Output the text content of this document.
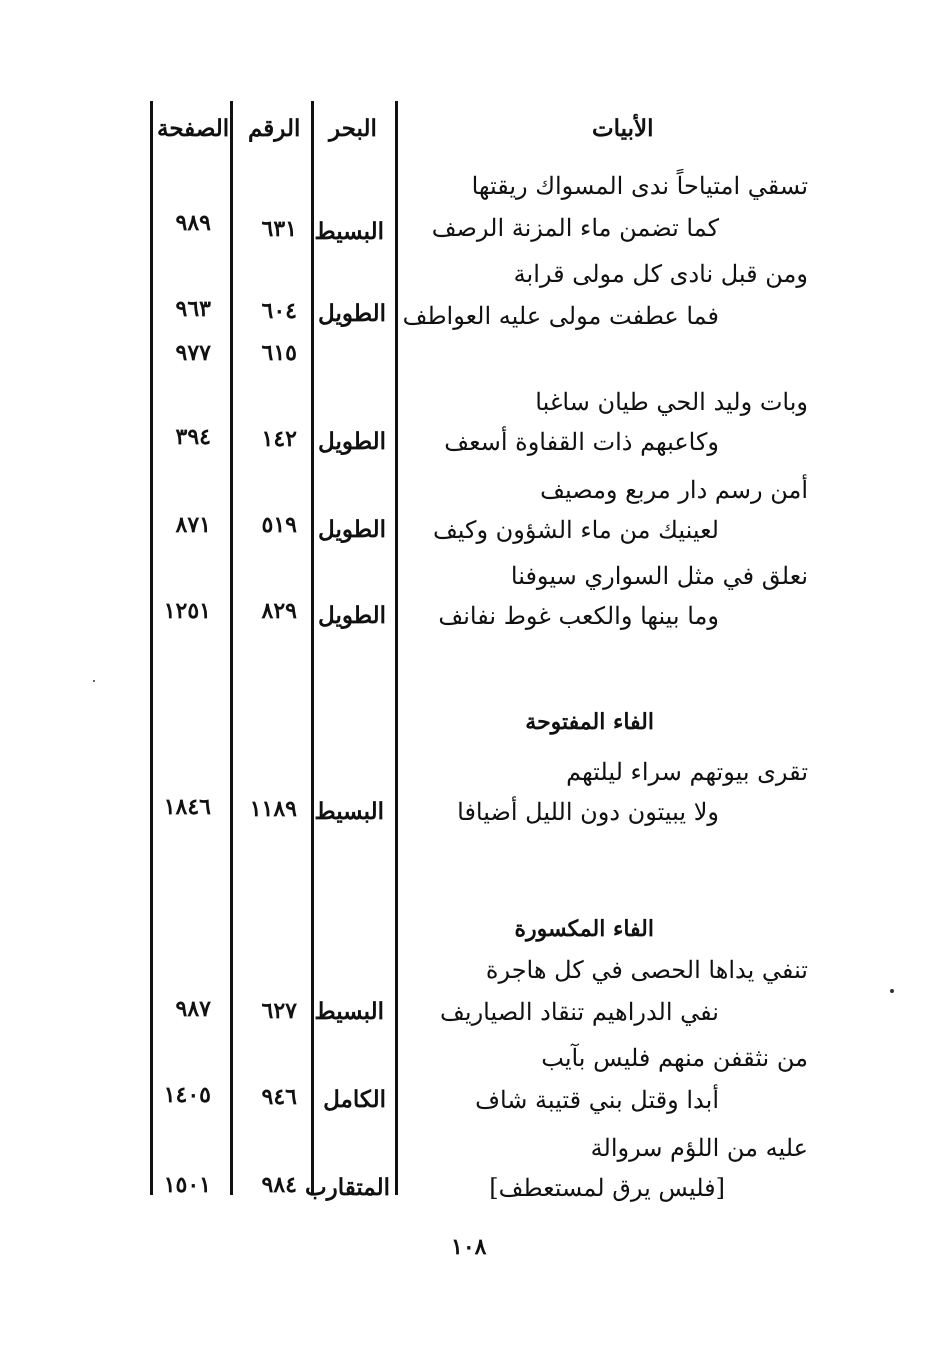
الأبيات
البحر
الرقم
الصفحة
تسقي امتياحاً ندى المسواك ريقتها
كما تضمن ماء المزنة الرصف
البسيط
٦٣١
٩٨٩
ومن قبل نادى كل مولى قرابة
فما عطفت مولى عليه العواطف
الطويل
٦٠٤
٩٦٣
٦١٥
٩٧٧
وبات وليد الحي طيان ساغبا
وكاعبهم ذات القفاوة أسعف
الطويل
١٤٢
٣٩٤
أمن رسم دار مربع ومصيف
لعينيك من ماء الشؤون وكيف
الطويل
٥١٩
٨٧١
نعلق في مثل السواري سيوفنا
وما بينها والكعب غوط نفانف
الطويل
٨٢٩
١٢٥١
الفاء المفتوحة
تقرى بيوتهم سراء ليلتهم
ولا يبيتون دون الليل أضيافا
البسيط
١١٨٩
١٨٤٦
الفاء المكسورة
تنفي يداها الحصى في كل هاجرة
نفي الدراهيم تنقاد الصياريف
البسيط
٦٢٧
٩٨٧
من نثقفن منهم فليس بآيب
أبدا وقتل بني قتيبة شاف
الكامل
٩٤٦
١٤٠٥
عليه من اللؤم سروالة
[فليس يرق لمستعطف]
المتقارب
٩٨٤
١٥٠١
١٠٨
